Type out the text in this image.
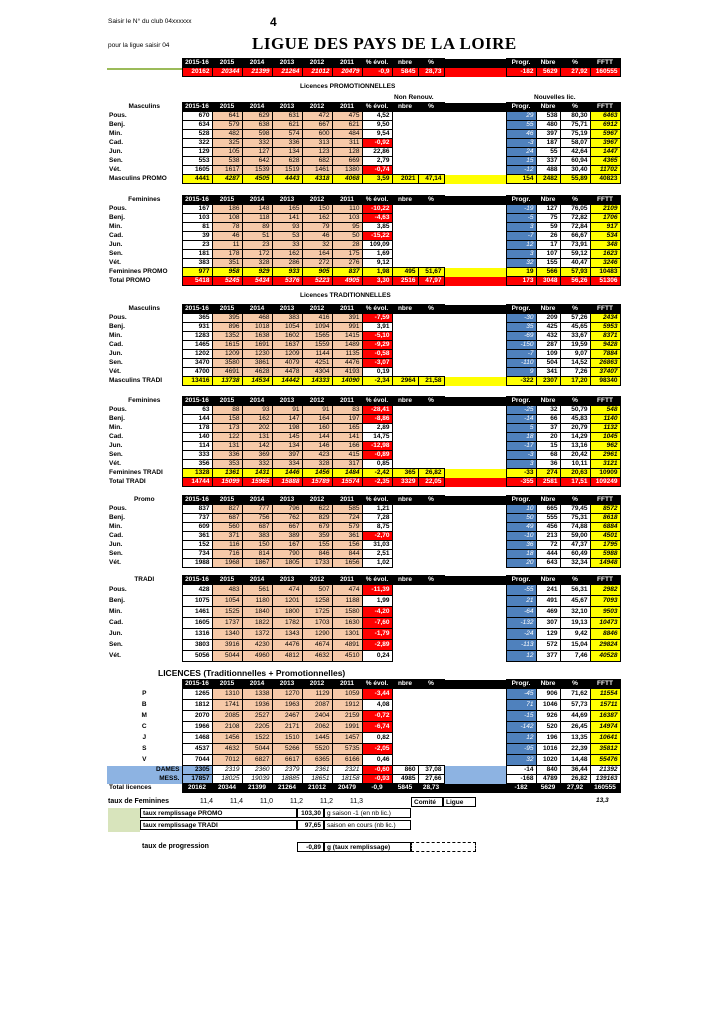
Saisir le N° du club 04xxxxxx	4
pour la ligue saisir 04	LIGUE DES PAYS DE LA LOIRE
	2015-16	2015	2014	2013	2012	2011	% évol.	nbre	%		Progr.	Nbre	%	FFTT
	20162	20344	21399	21264	21012	20479	-0,9	5845	28,73		-182	5629	27,92	160555
Masculins	2015-16	2015	2014	2013	2012	2011	% évol.	nbre	%		Progr.	Nbre	%	FFTT
Pous.	670	641	629	631	472	475	4,52				29	538	80,30	6463
Benj.	634	579	638	621	667	621	9,50				55	480	75,71	6912
Min.	528	482	598	574	600	484	9,54				46	397	75,19	5967
Cad.	322	325	332	336	313	311	-0,92				-3	187	58,07	3967
Jun.	129	105	127	134	123	128	22,86				24	55	42,64	1447
Sen.	553	538	642	628	682	669	2,79				15	337	60,94	4365
Vét.	1605	1617	1539	1519	1461	1380	-0,74				-12	488	30,40	11702
Masculins PROMO	4441	4287	4505	4443	4318	4068	3,59	2021	47,14		154	2482	55,89	40823
Feminines	2015-16	2015	2014	2013	2012	2011	% évol.	nbre	%		Progr.	Nbre	%	FFTT
Pous.	167	186	148	165	150	110	-10,22				-19	127	76,05	2109
Benj.	103	108	118	141	162	103	-4,63				-5	75	72,82	1706
Min.	81	78	89	93	79	95	3,85				3	59	72,84	917
Cad.	39	46	51	53	46	50	-15,22				-7	26	66,67	534
Jun.	23	11	23	33	32	28	109,09				12	17	73,91	348
Sen.	181	178	172	162	164	175	1,69				3	107	59,12	1623
Vét.	383	351	328	286	272	276	9,12				32	155	40,47	3246
Feminines PROMO	977	958	929	933	905	837	1,98	495	51,67		19	566	57,93	10483
Total PROMO	5418	5245	5434	5376	5223	4905	3,30	2516	47,97		173	3048	56,26	51306
Masculins	2015-16	2015	2014	2013	2012	2011	% évol.	nbre	%		Progr.	Nbre	%	FFTT
Pous.	365	395	468	383	416	391	-7,59				-30	209	57,26	2434
Benj.	931	896	1018	1054	1094	991	3,91				35	425	45,65	5953
Min.	1283	1352	1638	1602	1565	1415	-5,10				-69	432	33,67	8371
Cad.	1465	1615	1691	1637	1559	1489	-9,29				-150	287	19,59	9428
Jun.	1202	1209	1230	1209	1144	1135	-0,58				-7	109	9,07	7884
Sen.	3470	3580	3861	4079	4251	4476	-3,07				-110	504	14,52	26863
Vét.	4700	4691	4628	4478	4304	4193	0,19				9	341	7,26	37407
Masculins TRADI	13416	13738	14534	14442	14333	14090	-2,34	2964	21,58		-322	2307	17,20	98340
Feminines	2015-16	2015	2014	2013	2012	2011	% évol.	nbre	%		Progr.	Nbre	%	FFTT
Pous.	63	88	93	91	91	83	-28,41				-25	32	50,79	548
Benj.	144	158	162	147	164	197	-8,86				-14	66	45,83	1140
Min.	178	173	202	198	160	165	2,89				5	37	20,79	1132
Cad.	140	122	131	145	144	141	14,75				18	20	14,29	1045
Jun.	114	131	142	134	146	166	-12,98				-17	15	13,16	962
Sen.	333	336	369	397	423	415	-0,89				-3	68	20,42	2961
Vét.	356	353	332	334	328	317	0,85				3	36	10,11	3121
Feminines TRADI	1328	1361	1431	1446	1456	1484	-2,42	365	26,82		-33	274	20,63	10909
Total TRADI	14744	15099	15965	15888	15789	15574	-2,35	3329	22,05		-355	2581	17,51	109249
Promo	2015-16	2015	2014	2013	2012	2011	% évol.	nbre	%		Progr.	Nbre	%	FFTT
Pous.	837	827	777	796	622	585	1,21				10	665	79,45	8572
Benj.	737	687	756	762	829	724	7,28				50	555	75,31	8618
Min.	609	560	687	667	679	579	8,75				49	456	74,88	6884
Cad.	361	371	383	389	359	361	-2,70				-10	213	59,00	4501
Jun.	152	116	150	167	155	156	31,03				36	72	47,37	1795
Sen.	734	716	814	790	846	844	2,51				18	444	60,49	5988
Vét.	1988	1968	1867	1805	1733	1656	1,02				20	643	32,34	14948
TRADI	2015-16	2015	2014	2013	2012	2011	% évol.	nbre	%		Progr.	Nbre	%	FFTT
Pous.	428	483	561	474	507	474	-11,39				-55	241	56,31	2982
Benj.	1075	1054	1180	1201	1258	1188	1,99				21	491	45,67	7093
Min.	1461	1525	1840	1800	1725	1580	-4,20				-64	469	32,10	9503
Cad.	1605	1737	1822	1782	1703	1630	-7,60				-132	307	19,13	10473
Jun.	1316	1340	1372	1343	1290	1301	-1,79				-24	129	9,42	8846
Sen.	3803	3916	4230	4476	4674	4891	-2,89				-113	572	15,04	29824
Vét.	5056	5044	4960	4812	4632	4510	0,24				12	377	7,46	40528
	2015-16	2015	2014	2013	2012	2011	% évol.	nbre	%		Progr.	Nbre	%	FFTT
P	1265	1310	1338	1270	1129	1059	-3,44				-45	906	71,62	11554
B	1812	1741	1936	1963	2087	1912	4,08				71	1046	57,73	15711
M	2070	2085	2527	2467	2404	2159	-0,72				-15	926	44,69	16387
C	1966	2108	2205	2171	2062	1991	-6,74				-142	520	26,45	14974
J	1468	1456	1522	1510	1445	1457	0,82				12	196	13,35	10641
S	4537	4632	5044	5266	5520	5735	-2,05				-95	1016	22,39	35812
V	7044	7012	6827	6617	6365	6166	0,46				32	1020	14,48	55476
DAMES	2305	2319	2360	2379	2361	2321	-0,60	860	37,08		-14	840	36,44	21392
MESS.	17857	18025	19039	18885	18651	18158	-0,93	4985	27,66		-168	4789	26,82	139163
Total licences	20162	20344	21399	21264	21012	20479	-0,9	5845	28,73		-182	5629	27,92	160555
Licences PROMOTIONNELLES
Non Renouv.	Nouvelles lic.
Licences TRADITIONNELLES
LICENCES (Traditionnelles + Promotionnelles)
taux de Feminines	11,4 11,4 11,0 11,2 11,2 11,3	Comité	Ligue	13,3
taux remplissage PROMO	103,30 g saison -1 (en nb lic.)
taux remplissage TRADI	97,65 saison en cours (nb lic.)
taux de progression	-0,89 g (taux remplissage)
